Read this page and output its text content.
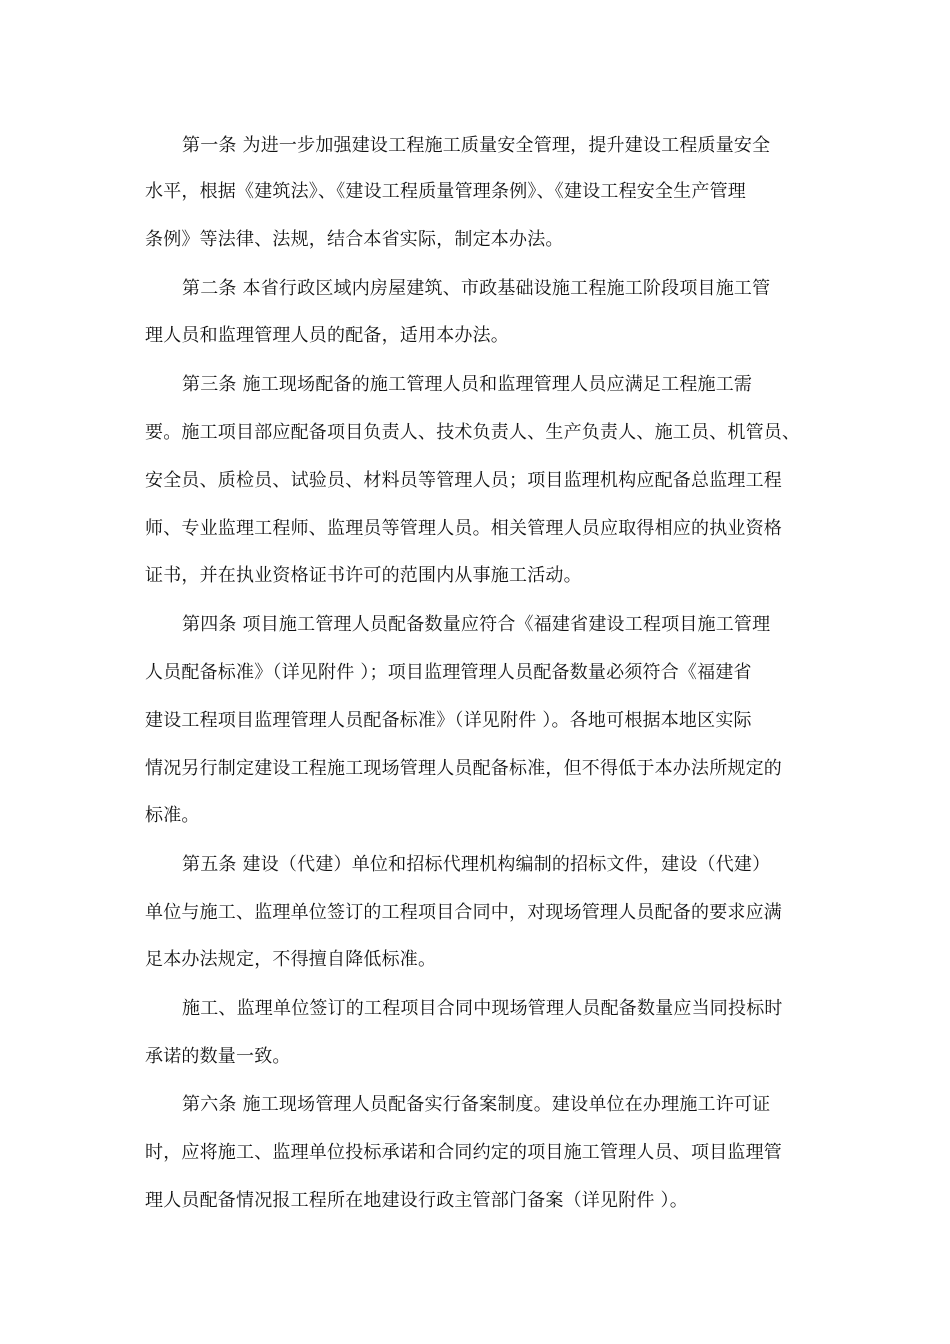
第一条 为进一步加强建设工程施工质量安全管理，提升建设工程质量安全
水平，根据《建筑法》、《建设工程质量管理条例》、《建设工程安全生产管理
条例》等法律、法规，结合本省实际，制定本办法。
第二条 本省行政区域内房屋建筑、市政基础设施工程施工阶段项目施工管
理人员和监理管理人员的配备，适用本办法。
第三条 施工现场配备的施工管理人员和监理管理人员应满足工程施工需
要。施工项目部应配备项目负责人、技术负责人、生产负责人、施工员、机管员、
安全员、质检员、试验员、材料员等管理人员；项目监理机构应配备总监理工程
师、专业监理工程师、监理员等管理人员。相关管理人员应取得相应的执业资格
证书，并在执业资格证书许可的范围内从事施工活动。
第四条 项目施工管理人员配备数量应符合《福建省建设工程项目施工管理
人员配备标准》（详见附件 ）；项目监理管理人员配备数量必须符合《福建省
建设工程项目监理管理人员配备标准》（详见附件 ）。各地可根据本地区实际
情况另行制定建设工程施工现场管理人员配备标准，但不得低于本办法所规定的
标准。
第五条 建设（代建）单位和招标代理机构编制的招标文件，建设（代建）
单位与施工、监理单位签订的工程项目合同中，对现场管理人员配备的要求应满
足本办法规定，不得擅自降低标准。
施工、监理单位签订的工程项目合同中现场管理人员配备数量应当同投标时
承诺的数量一致。
第六条 施工现场管理人员配备实行备案制度。建设单位在办理施工许可证
时，应将施工、监理单位投标承诺和合同约定的项目施工管理人员、项目监理管
理人员配备情况报工程所在地建设行政主管部门备案（详见附件 ）。
